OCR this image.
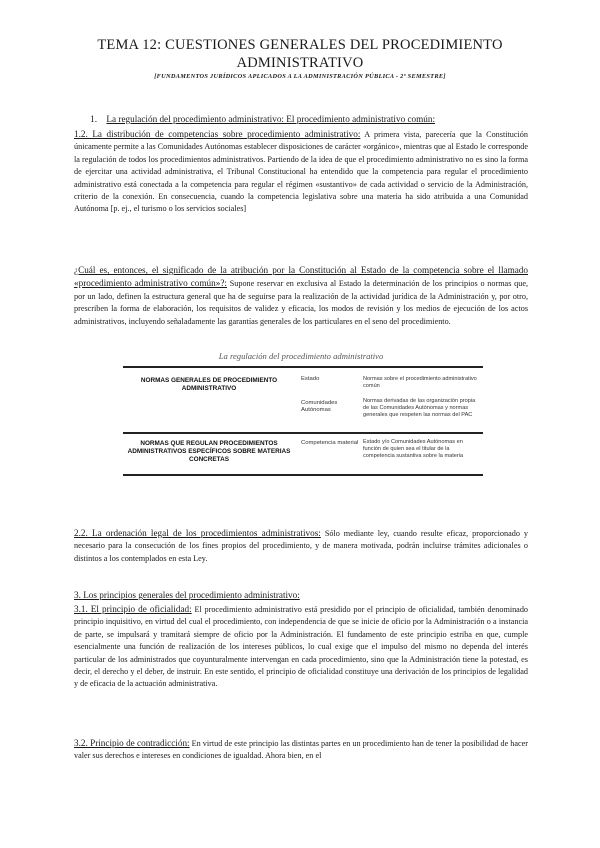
TEMA 12: CUESTIONES GENERALES DEL PROCEDIMIENTO ADMINISTRATIVO
[FUNDAMENTOS JURÍDICOS APLICADOS A LA ADMINISTRACIÓN PÚBLICA - 2º SEMESTRE]
1. La regulación del procedimiento administrativo: El procedimiento administrativo común:
1.2. La distribución de competencias sobre procedimiento administrativo: A primera vista, parecería que la Constitución únicamente permite a las Comunidades Autónomas establecer disposiciones de carácter «orgánico», mientras que al Estado le corresponde la regulación de todos los procedimientos administrativos. Partiendo de la idea de que el procedimiento administrativo no es sino la forma de ejercitar una actividad administrativa, el Tribunal Constitucional ha entendido que la competencia para regular el procedimiento administrativo está conectada a la competencia para regular el régimen «sustantivo» de cada actividad o servicio de la Administración, criterio de la conexión. En consecuencia, cuando la competencia legislativa sobre una materia ha sido atribuida a una Comunidad Autónoma [p. ej., el turismo o los servicios sociales]
¿Cuál es, entonces, el significado de la atribución por la Constitución al Estado de la competencia sobre el llamado «procedimiento administrativo común»?: Supone reservar en exclusiva al Estado la determinación de los principios o normas que, por un lado, definen la estructura general que ha de seguirse para la realización de la actividad jurídica de la Administración y, por otro, prescriben la forma de elaboración, los requisitos de validez y eficacia, los modos de revisión y los medios de ejecución de los actos administrativos, incluyendo señaladamente las garantías generales de los particulares en el seno del procedimiento.
La regulación del procedimiento administrativo
NORMAS GENERALES DE PROCEDIMIENTO ADMINISTRATIVO
Estado	Normas sobre el procedimiento administrativo común
Comunidades Autónomas
Normas derivadas de las organización propia de las Comunidades Autónomas y normas generales que respeten las normas del PAC
NORMAS QUE REGULAN PROCEDIMIENTOS ADMINISTRATIVOS ESPECÍFICOS SOBRE MATERIAS CONCRETAS
Competencia material Estado y/o Comunidades Autónomas en función de quien sea el titular de la competencia sustantiva sobre la materia
2.2. La ordenación legal de los procedimientos administrativos: Sólo mediante ley, cuando resulte eficaz, proporcionado y necesario para la consecución de los fines propios del procedimiento, y de manera motivada, podrán incluirse trámites adicionales o distintos a los contemplados en esta Ley.
3. Los principios generales del procedimiento administrativo:
3.1. El principio de oficialidad: El procedimiento administrativo está presidido por el principio de oficialidad, también denominado principio inquisitivo, en virtud del cual el procedimiento, con independencia de que se inicie de oficio por la Administración o a instancia de parte, se impulsará y tramitará siempre de oficio por la Administración. El fundamento de este principio estriba en que, cumple esencialmente una función de realización de los intereses públicos, lo cual exige que el impulso del mismo no dependa del interés particular de los administrados que coyunturalmente intervengan en cada procedimiento, sino que la Administración tiene la potestad, es decir, el derecho y el deber, de instruir. En este sentido, el principio de oficialidad constituye una derivación de los principios de legalidad y de eficacia de la actuación administrativa.
3.2. Principio de contradicción: En virtud de este principio las distintas partes en un procedimiento han de tener la posibilidad de hacer valer sus derechos e intereses en condiciones de igualdad. Ahora bien, en el
